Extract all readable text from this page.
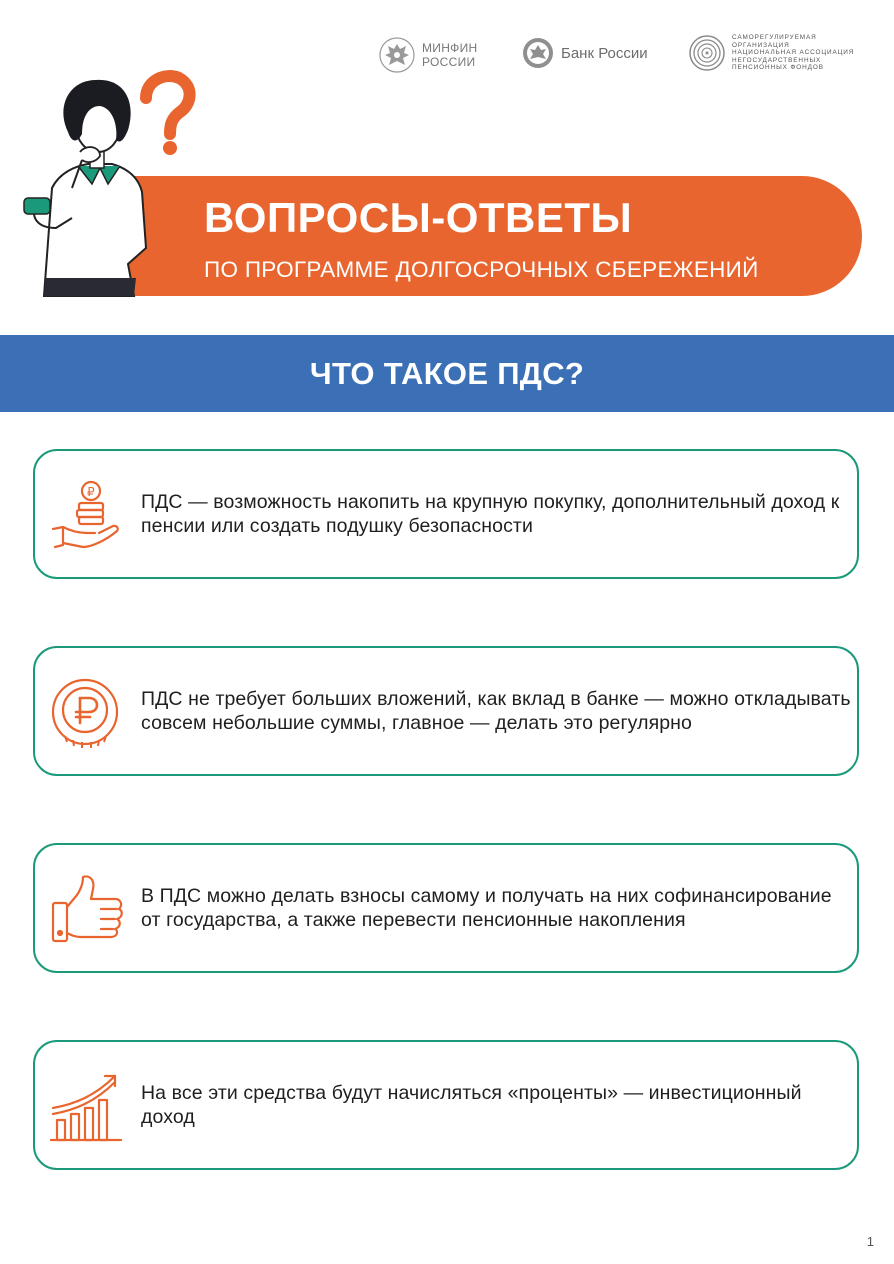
МИНФИН
РОССИИ
Банк России
САМОРЕГУЛИРУЕМАЯ ОРГАНИЗАЦИЯ
НАЦИОНАЛЬНАЯ АССОЦИАЦИЯ
НЕГОСУДАРСТВЕННЫХ
ПЕНСИОННЫХ ФОНДОВ
ВОПРОСЫ-ОТВЕТЫ
ПО ПРОГРАММЕ ДОЛГОСРОЧНЫХ СБЕРЕЖЕНИЙ
ЧТО ТАКОЕ ПДС?
₽ ПДС — возможность накопить на крупную покупку, дополнительный доход к пенсии или создать подушку безопасности
ПДС не требует больших вложений, как вклад в банке — можно откладывать совсем небольшие суммы, главное — делать это регулярно
В ПДС можно делать взносы самому и получать на них софинансирование от государства, а также перевести пенсионные накопления
На все эти средства будут начисляться «проценты» — инвестиционный доход
1
